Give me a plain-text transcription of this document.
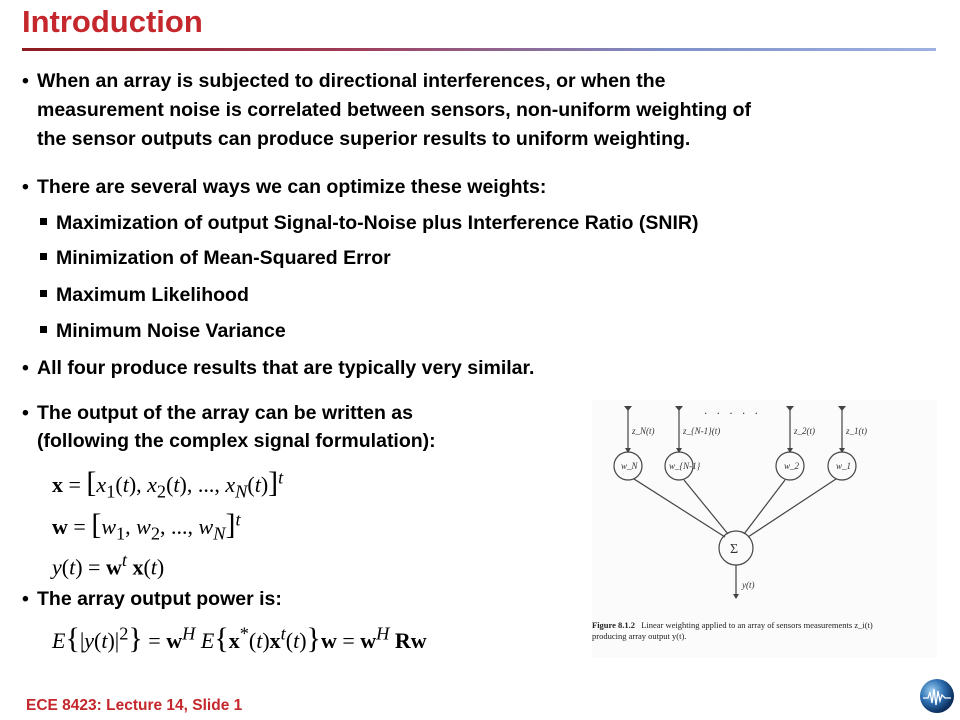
Introduction
• When an array is subjected to directional interferences, or when the
measurement noise is correlated between sensors, non-uniform weighting of
the sensor outputs can produce superior results to uniform weighting.
• There are several ways we can optimize these weights:
Maximization of output Signal-to-Noise plus Interference Ratio (SNIR)
Minimization of Mean-Squared Error
Maximum Likelihood
Minimum Noise Variance
• All four produce results that are typically very similar.
• The output of the array can be written as
(following the complex signal formulation):
• The array output power is:
$x = [x_1(t)$, $x_2(t)$, ..., $x_N(t)]^t$
$w = [w_1$, $w_2$, ..., $w_N]^t$
$y(t) = w^t$ x(t)
$E\{|y(t)|^2\} = w^H$ $E\{x^*(t)x^t(t)\}w = w^H$ Rw
z_N(t)	z_{N-1}(t)	z_2(t)	z_1(t)
w_N	w_{N-1}	w_2	w_1
y(t)
. . . . .
Σ
Figure 8.1.2 Linear weighting applied to an array of sensors measurements z_i(t) producing array output y(t).
ECE 8423: Lecture 14, Slide 1
